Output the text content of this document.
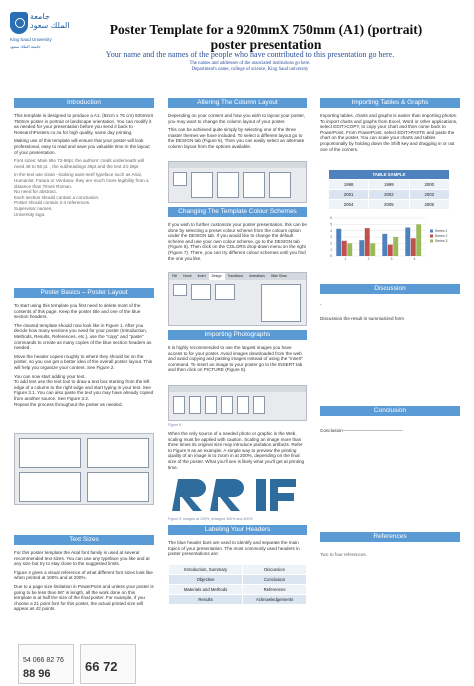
جامعة الملك سعود
King Saud University
جامعة الملك سعود
Poster Template for a 920mmX 750mm (A1) (portrait) poster presentation
Your name and the names of the people who have contributed to this presentation go here.
The names and addresses of the associated institutions go here.
Department's name, college of science, King Saud university
Introduction

This template is designed to produce a A1: (92cm x 75 cm) 920mmX 750mm poster in portrait or landscape orientation. You can modify it as needed for your presentation before you send it back to ResearchPosters.co.za for high quality, same day printing.

Making use of this template will ensure that your poster will look professional, easy to read and save you valuable time in the layout of your presentation.

Font sizes: Main title 72-96pt, the authors' credit underneath will need 48 to 56 pt. , the subheadings 36pt and the text 24-28pt

In the text use clean –looking sans-serif typeface such as Arial, Humanist, Futura or Verdana- they are much more legibility from a distance than Times Roman.

No need for abstract.
Each section should contain a conclusion.
Poster should contain 2-4 references.
Supervisor names.
University logo.
Poster Basics – Poster Layout

To start using this template you first need to delete most of the contents of this page. Keep the poster title and one of the blue section headers.

The cleared template should now look like in Figure 1. After you decide how many sections you need for your poster (Introduction, Methods, Results, References, etc.), use the "copy" and "paste" commands to create as many copies of the blue section headers as needed.

Move the header copies roughly to where they should be on the poster, so you can get a better idea of the overall poster layout. This will help you organize your content. See Figure 2.

You can now start adding your text.
To add text use the text tool to draw a text box starting from the left edge of a column to the right edge and start typing in your text. See Figure 3.1. You can also paste the text you may have already copied from another source. See Figure 3.2.
Repeat the process throughout the poster as needed.
Text Sizes

For this poster template the Arial font family is used at several recommended text sizes. You can use any typeface you like and at any size but try to stay close to the suggested limits.

Figure 4 gives a visual reference of what different font sizes look like when printed at 100% and at 200%.

Due to a page size limitation in PowerPoint and unless your poster is going to be less than 56" in length, all the work done on this template is at half the size of the final poster. For example, if you choose a 21 point font for this poster, the actual printed size will appear as 42 points.

54 066 82 76
88 96	66 72
Altering The Column Layout

Depending on your content and how you wish to layout your poster, you may want to change the column layout of your poster.

This can be achieved quite simply by selecting one of the three master themes we have included. To select a different layout go to the DESIGN tab (Figure 5). Then you can easily select an alternate column layout from the options available.

Changing The Template Colour Schemes

If you wish to further customize your poster presentation, this can be done by selecting a preset colour scheme from the colours option under the DESIGN tab. If you would like to change the default scheme and use your own colour scheme, go to the DESIGN tab (Figure 6). Then click on the COLORS drop-down menu on the right (Figure 7). There, you can try different colour schemes until you find the one you like.

File	Home	Insert	Design	Transitions	Animations	Slide Show
Importing Photographs

It is highly recommended to use the largest images you have access to for your poster. Avoid images downloaded from the web and avoid copying and pasting images instead of using the "insert" command. To insert an image to your poster go to the INSERT tab and then click on PICTURE (Figure 8).

Figure 8

When the only source of a needed photo or graphic is the Web, scaling must be applied with caution. Scaling an image more than three times its original size may introduce pixilation artifacts. Refer to Figure 9 as an example. A simple way to preview the printing quality of an image is to zoom in at 200%, depending on the final size of the poster. What you'll see is likely what you'll get at printing time.

Figure 9. Images at 100%, enlarged 300% and 400%
Labeling Your Headers

The blue header bars are used to identify and separate the main topics of your presentation. The most commonly used headers in poster presentations are:

Introduction, Summary	Discussion
Objective	Conclusion
Materials and Methods	References
Results	Acknowledgements
Importing Tables & Graphs

Importing tables, charts and graphs is easier than importing photos. To import charts and graphs from Excel, Word or other applications, select EDIT>COPY, to copy your chart and then come back to PowerPoint. From PowerPoint, select EDIT>PASTE and paste the chart on the poster. You can scale your charts and tables proportionally by holding down the Shift key and dragging in or out one of the corners.

TABLE SAMPLE		
1998	1999	2000
2001	2002	2003
2004	2005	2006
0
1
2
3
4
5
6
1	2	3	4
Series 1
Series 2
Series 3
Discussion
-

Discussion the result in summarized form

Conclusion

Conclusion—————————————

References

Two to four references.
